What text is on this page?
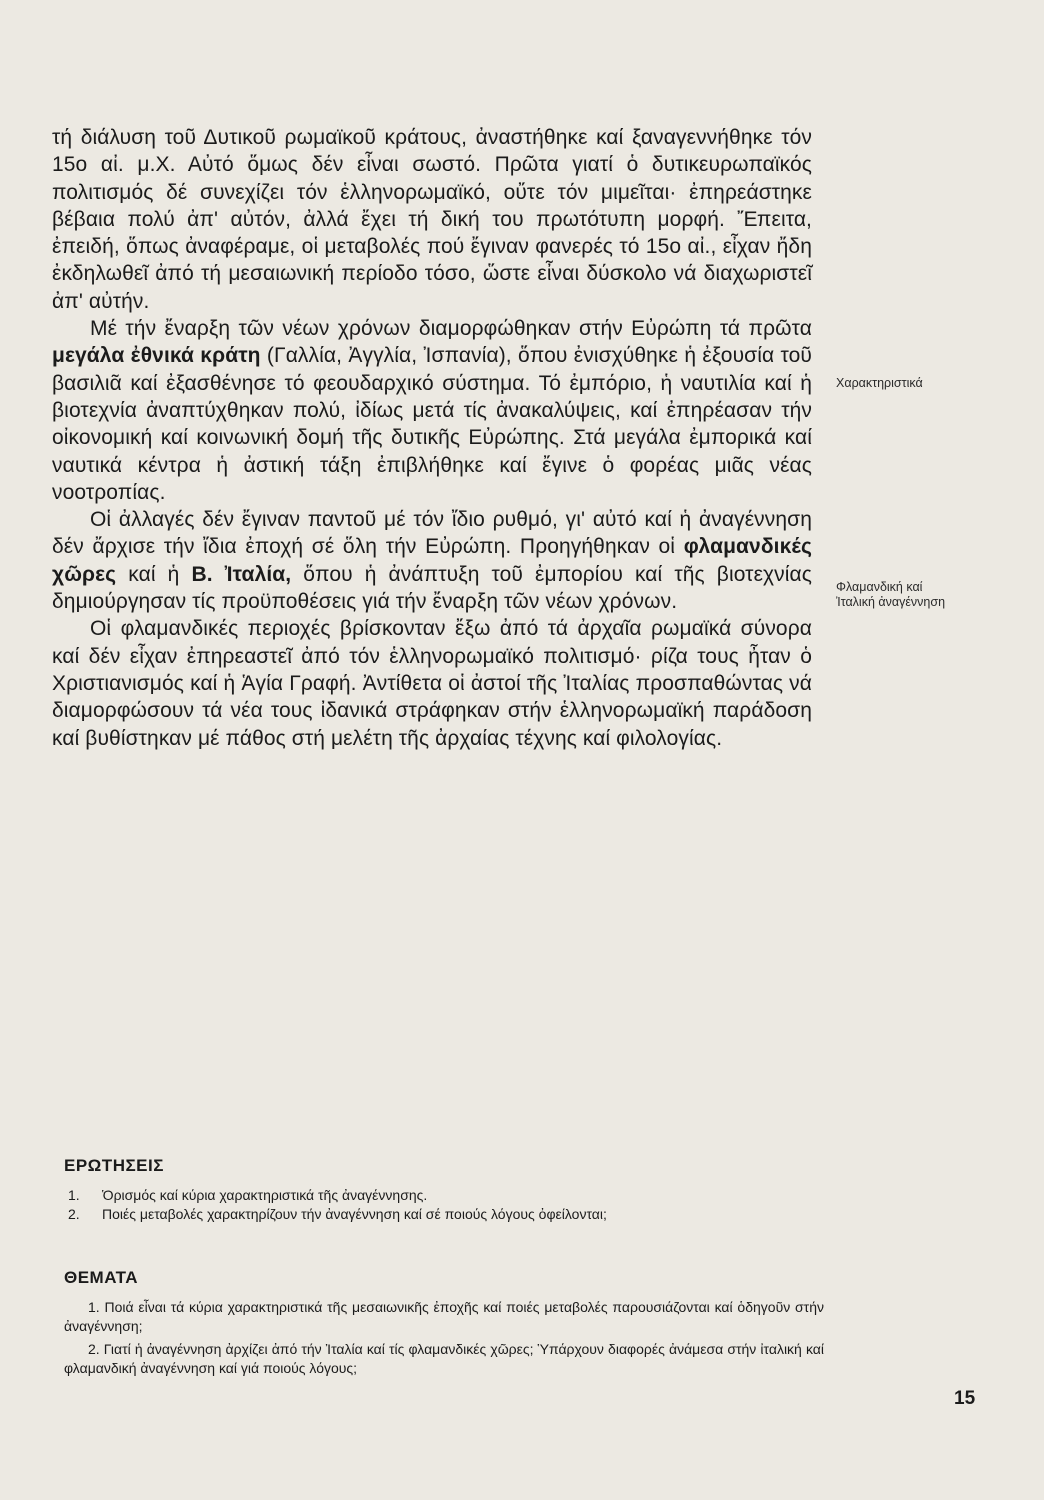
τή διάλυση τοῦ Δυτικοῦ ρωμαϊκοῦ κράτους, ἀναστήθηκε καί ξαναγεννήθηκε τόν 15ο αἰ. μ.Χ. Αὐτό ὅμως δέν εἶναι σωστό. Πρῶτα γιατί ὁ δυτικευρωπαϊκός πολιτισμός δέ συνεχίζει τόν ἑλληνορωμαϊκό, οὔτε τόν μιμεῖται· ἐπηρεάστηκε βέβαια πολύ ἀπ' αὐτόν, ἀλλά ἔχει τή δική του πρωτότυπη μορφή. Ἔπειτα, ἐπειδή, ὅπως ἀναφέραμε, οἱ μεταβολές πού ἔγιναν φανερές τό 15ο αἰ., εἶχαν ἤδη ἐκδηλωθεῖ ἀπό τή μεσαιωνική περίοδο τόσο, ὥστε εἶναι δύσκολο νά διαχωριστεῖ ἀπ' αὐτήν.

Μέ τήν ἔναρξη τῶν νέων χρόνων διαμορφώθηκαν στήν Εὐρώπη τά πρῶτα μεγάλα ἐθνικά κράτη (Γαλλία, Ἀγγλία, Ἰσπανία), ὅπου ἐνισχύθηκε ἡ ἐξουσία τοῦ βασιλιᾶ καί ἐξασθένησε τό φεουδαρχικό σύστημα. Τό ἐμπόριο, ἡ ναυτιλία καί ἡ βιοτεχνία ἀναπτύχθηκαν πολύ, ἰδίως μετά τίς ἀνακαλύψεις, καί ἐπηρέασαν τήν οἰκονομική καί κοινωνική δομή τῆς δυτικῆς Εὐρώπης. Στά μεγάλα ἐμπορικά καί ναυτικά κέντρα ἡ ἀστική τάξη ἐπιβλήθηκε καί ἔγινε ὁ φορέας μιᾶς νέας νοοτροπίας.

Οἱ ἀλλαγές δέν ἔγιναν παντοῦ μέ τόν ἴδιο ρυθμό, γι' αὐτό καί ἡ ἀναγέννηση δέν ἄρχισε τήν ἴδια ἐποχή σέ ὅλη τήν Εὐρώπη. Προηγήθηκαν οἱ φλαμανδικές χῶρες καί ἡ Β. Ἰταλία, ὅπου ἡ ἀνάπτυξη τοῦ ἐμπορίου καί τῆς βιοτεχνίας δημιούργησαν τίς προϋποθέσεις γιά τήν ἔναρξη τῶν νέων χρόνων.

Οἱ φλαμανδικές περιοχές βρίσκονταν ἔξω ἀπό τά ἀρχαῖα ρωμαϊκά σύνορα καί δέν εἶχαν ἐπηρεαστεῖ ἀπό τόν ἑλληνορωμαϊκό πολιτισμό· ρίζα τους ἦταν ὁ Χριστιανισμός καί ἡ Ἁγία Γραφή. Ἀντίθετα οἱ ἀστοί τῆς Ἰταλίας προσπαθώντας νά διαμορφώσουν τά νέα τους ἰδανικά στράφηκαν στήν ἑλληνορωμαϊκή παράδοση καί βυθίστηκαν μέ πάθος στή μελέτη τῆς ἀρχαίας τέχνης καί φιλολογίας.

Χαρακτηριστικά
Φλαμανδική καί
Ἰταλική ἀναγέννηση
ΕΡΩΤΗΣΕΙΣ
1.	Ὁρισμός καί κύρια χαρακτηριστικά τῆς ἀναγέννησης.
2.	Ποιές μεταβολές χαρακτηρίζουν τήν ἀναγέννηση καί σέ ποιούς λόγους ὀφείλονται;
ΘΕΜΑΤΑ

1. Ποιά εἶναι τά κύρια χαρακτηριστικά τῆς μεσαιωνικῆς ἐποχῆς καί ποιές μεταβολές παρουσιάζονται καί ὁδηγοῦν στήν ἀναγέννηση;

2. Γιατί ἡ ἀναγέννηση ἀρχίζει ἀπό τήν Ἰταλία καί τίς φλαμανδικές χῶρες; Ὑπάρχουν διαφορές ἀνάμεσα στήν ἰταλική καί φλαμανδική ἀναγέννηση καί γιά ποιούς λόγους;

15
